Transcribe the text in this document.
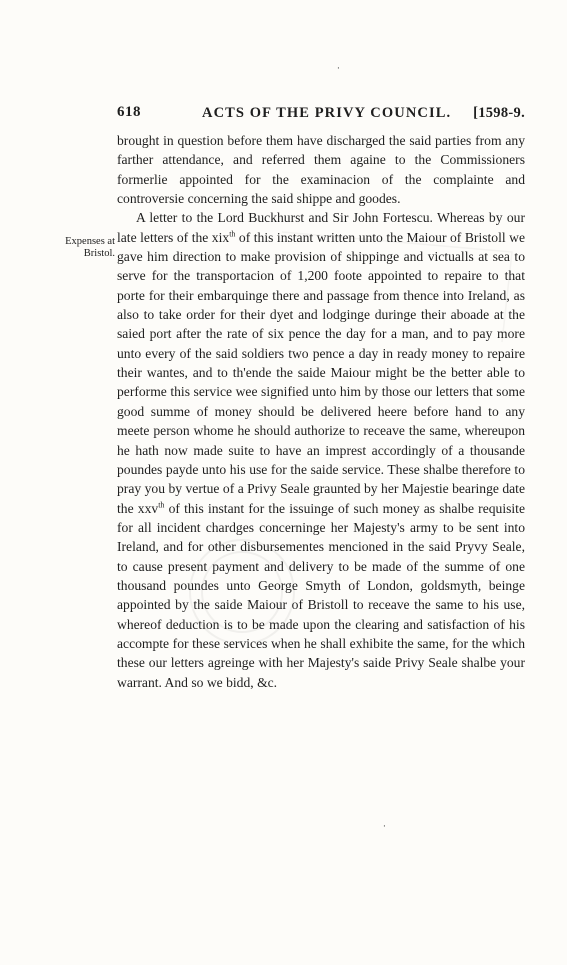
·
618	ACTS OF THE PRIVY COUNCIL. [1598-9.
Expenses at
Bristol.

brought in question before them have discharged the said parties from any farther attendance, and referred them againe to the Commissioners formerlie appointed for the examinacion of the complainte and controversie concerning the said shippe and goodes.

A letter to the Lord Buckhurst and Sir John Fortescu. Whereas by our late letters of the xix$^{th}$ of this instant written unto the Maiour of Bristoll we gave him direction to make provision of shippinge and victualls at sea to serve for the transportacion of 1,200 foote appointed to repaire to that porte for their embarquinge there and passage from thence into Ireland, as also to take order for their dyet and lodginge duringe their aboade at the saied port after the rate of six pence the day for a man, and to pay more unto every of the said soldiers two pence a day in ready money to repaire their wantes, and to th'ende the saide Maiour might be the better able to performe this service wee signified unto him by those our letters that some good summe of money should be delivered heere before hand to any meete person whome he should authorize to receave the same, whereupon he hath now made suite to have an imprest accordingly of a thousande poundes payde unto his use for the saide service. These shalbe therefore to pray you by vertue of a Privy Seale graunted by her Majestie bearinge date the xxv$^{th}$ of this instant for the issuinge of such money as shalbe requisite for all incident chardges concerninge her Majesty's army to be sent into Ireland, and for other disbursementes mencioned in the said Pryvy Seale, to cause present payment and delivery to be made of the summe of one thousand poundes unto George Smyth of London, goldsmyth, beinge appointed by the saide Maiour of Bristoll to receave the same to his use, whereof deduction is to be made upon the clearing and satisfaction of his accompte for these services when he shall exhibite the same, for the which these our letters agreinge with her Majesty's saide Privy Seale shalbe your warrant. And so we bidd, &c.

·
